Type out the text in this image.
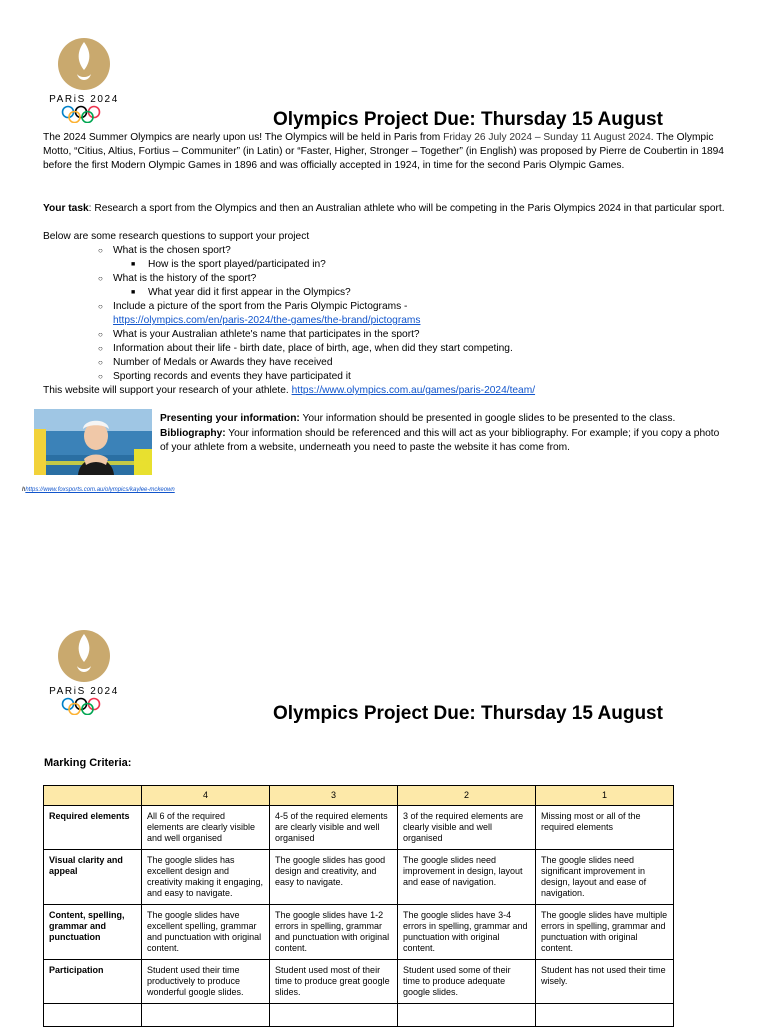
PARiS 2024
Olympics Project Due: Thursday 15 August

The 2024 Summer Olympics are nearly upon us! The Olympics will be held in Paris from Friday 26 July 2024 – Sunday 11 August 2024. The Olympic Motto, “Citius, Altius, Fortius – Communiter” (in Latin) or “Faster, Higher, Stronger – Together” (in English) was proposed by Pierre de Coubertin in 1894 before the first Modern Olympic Games in 1896 and was officially accepted in 1924, in time for the second Paris Olympic Games.

Your task: Research a sport from the Olympics and then an Australian athlete who will be competing in the Paris Olympics 2024 in that particular sport.

Below are some research questions to support your project

○ What is the chosen sport?
■ How is the sport played/participated in?
○ What is the history of the sport?
■ What year did it first appear in the Olympics?
○ Include a picture of the sport from the Paris Olympic Pictograms -
https://olympics.com/en/paris-2024/the-games/the-brand/pictograms
○ What is your Australian athlete's name that participates in the sport?
○ Information about their life - birth date, place of birth, age, when did they start competing.
○ Number of Medals or Awards they have received
○ Sporting records and events they have participated it

This website will support your research of your athlete. https://www.olympics.com.au/games/paris-2024/team/

Presenting your information: Your information should be presented in google slides to be presented to the class.

Bibliography: Your information should be referenced and this will act as your bibliography. For example; if you copy a photo of your athlete from a website, underneath you need to paste the website it has come from.

hhttps://www.foxsports.com.au/olympics/kaylee-mckeown
PARiS 2024
Olympics Project Due: Thursday 15 August
Marking Criteria:
	4	3	2	1
Required elements	All 6 of the required elements are clearly visible and well organised	4-5 of the required elements are clearly visible and well organised	3 of the required elements are clearly visible and well organised	Missing most or all of the required elements
Visual clarity and appeal	The google slides has excellent design and creativity making it engaging, and easy to navigate.	The google slides has good design and creativity, and easy to navigate.	The google slides need improvement in design, layout and ease of navigation.	The google slides need significant improvement in design, layout and ease of navigation.
Content, spelling, grammar and punctuation	The google slides have excellent spelling, grammar and punctuation with original content.	The google slides have 1-2 errors in spelling, grammar and punctuation with original content.	The google slides have 3-4 errors in spelling, grammar and punctuation with original content.	The google slides have multiple errors in spelling, grammar and punctuation with original content.
Participation	Student used their time productively to produce wonderful google slides.	Student used most of their time to produce great google slides.	Student used some of their time to produce adequate google slides.	Student has not used their time wisely.
